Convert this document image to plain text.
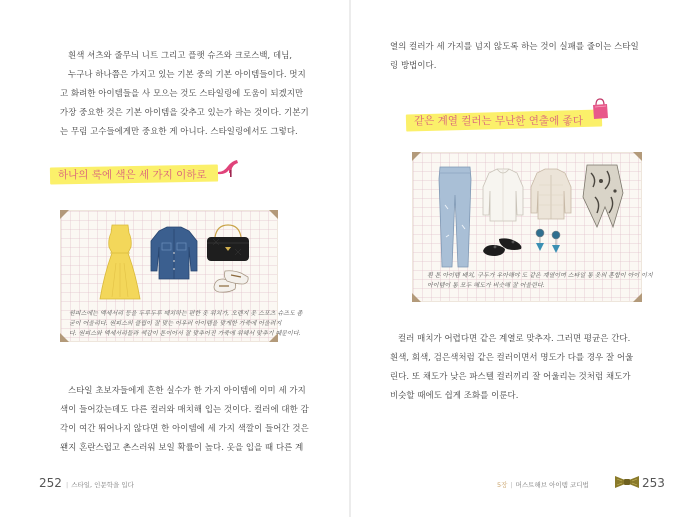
흰색 셔츠와 줄무늬 니트 그리고 플랫 슈즈와 크로스백, 데님,

누구나 하나쯤은 가지고 있는 기본 중의 기본 아이템들이다. 멋지

고 화려한 아이템들을 사 모으는 것도 스타일링에 도움이 되겠지만

가장 중요한 것은 기본 아이템을 갖추고 있는가 하는 것이다. 기본기

는 무림 고수들에게만 중요한 게 아니다. 스타일링에서도 그렇다.

하나의 룩에 색은 세 가지 이하로

원피스에는 액세서리 등을 두루두루 매치하는 편한 옷 위치가, 오렌지 옷 스포츠 슈즈도 좀

굳이 어울리다. 원피스의 클립이 잘 맞는 어우러 아이템을 맞게한 가죽에 어울려지

다. 원피스와 액세서리들과 색감이 톤이어서 잘 맞추어진 가죽에 위해서 맞추기 때문이다.

스타일 초보자들에게 흔한 실수가 한 가지 아이템에 이미 세 가지

색이 들어갔는데도 다른 컬러와 매치해 입는 것이다. 컬러에 대한 감

각이 여간 뛰어나지 않다면 한 아이템에 세 가지 색깔이 들어간 것은

왠지 혼란스럽고 촌스러워 보일 확률이 높다. 옷을 입을 때 다른 계

252 | 스타일, 인문학을 입다

열의 컬러가 세 가지를 넘지 않도록 하는 것이 실패를 줄이는 스타일

링 방법이다.

같은 계열 컬러는 무난한 연출에 좋다

흰 톤 아이템 배치, 구두가 우아해야 도 같은 계열이며 스타일 통 옷의 혼합이 아이 이지

아이템이 통 모두 해도가 비슷해 잘 어울린다.

컬러 매치가 어렵다면 같은 계열로 맞추자. 그러면 평균은 간다.

흰색, 회색, 검은색처럼 같은 컬러이면서 명도가 다를 경우 잘 어울

린다. 또 채도가 낮은 파스텔 컬러끼리 잘 어울리는 것처럼 채도가

비슷할 때에도 쉽게 조화를 이룬다.

5장 | 머스트해브 아이템 코디법	253
